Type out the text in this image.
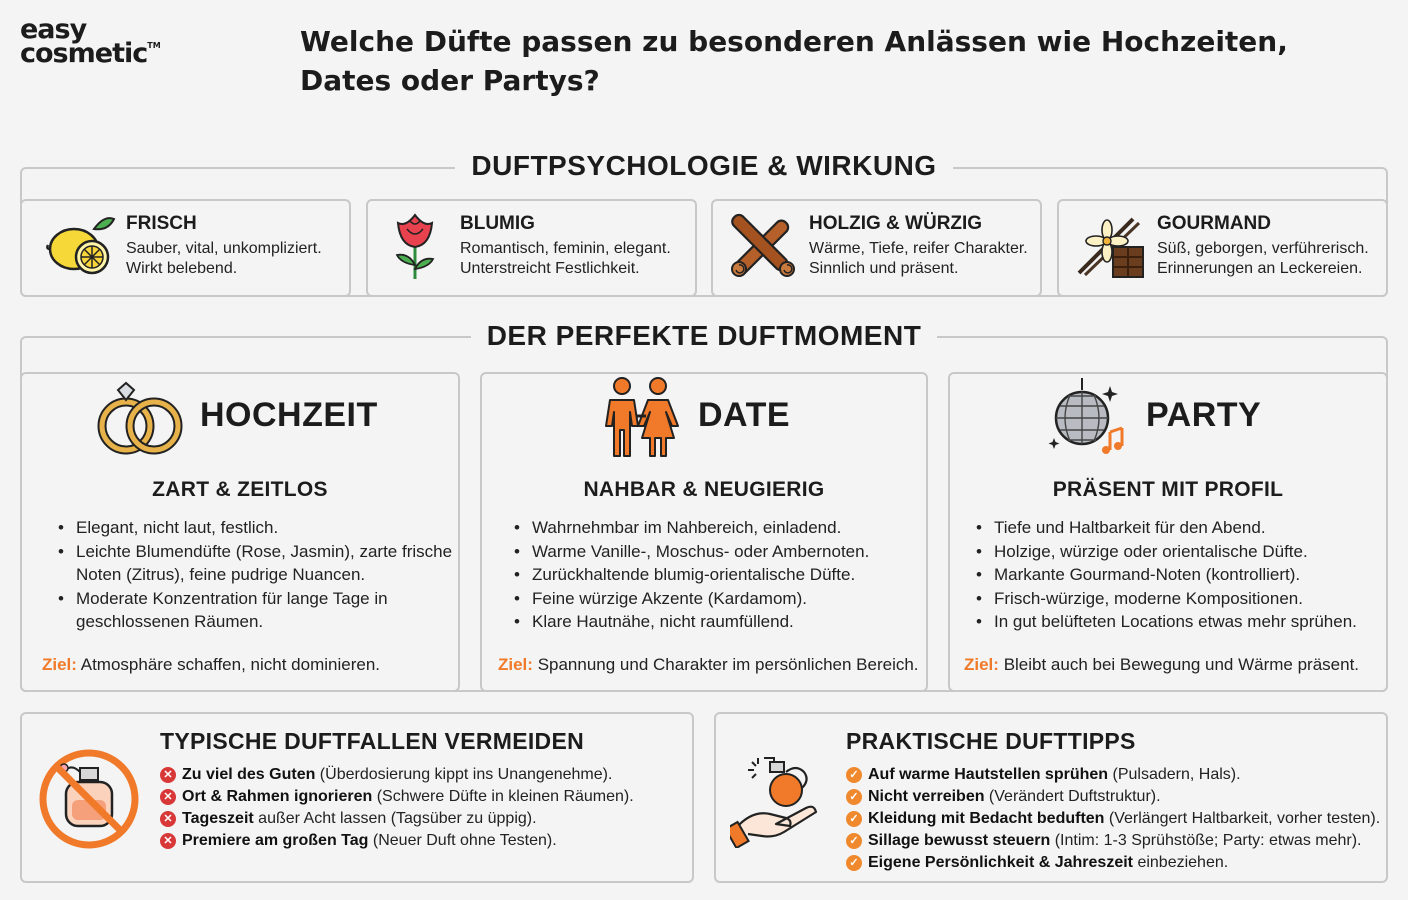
easy
cosmetic™	Welche Düfte passen zu besonderen Anlässen wie Hochzeiten,
Dates oder Partys?
DUFTPSYCHOLOGIE & WIRKUNG
FRISCH
Sauber, vital, unkompliziert.
Wirkt belebend.
BLUMIG
Romantisch, feminin, elegant.
Unterstreicht Festlichkeit.
HOLZIG & WÜRZIG
Wärme, Tiefe, reifer Charakter.
Sinnlich und präsent.
GOURMAND
Süß, geborgen, verführerisch.
Erinnerungen an Leckereien.
DER PERFEKTE DUFTMOMENT
HOCHZEIT
ZART & ZEITLOS
• Elegant, nicht laut, festlich.
• Leichte Blumendüfte (Rose, Jasmin), zarte frische Noten (Zitrus), feine pudrige Nuancen.
• Moderate Konzentration für lange Tage in geschlossenen Räumen.
Ziel: Atmosphäre schaffen, nicht dominieren.
DATE
NAHBAR & NEUGIERIG
• Wahrnehmbar im Nahbereich, einladend.
• Warme Vanille-, Moschus- oder Ambernoten.
• Zurückhaltende blumig-orientalische Düfte.
• Feine würzige Akzente (Kardamom).
• Klare Hautnähe, nicht raumfüllend.
Ziel: Spannung und Charakter im persönlichen Bereich.
PARTY
PRÄSENT MIT PROFIL
• Tiefe und Haltbarkeit für den Abend.
• Holzige, würzige oder orientalische Düfte.
• Markante Gourmand-Noten (kontrolliert).
• Frisch-würzige, moderne Kompositionen.
• In gut belüfteten Locations etwas mehr sprühen.
Ziel: Bleibt auch bei Bewegung und Wärme präsent.
TYPISCHE DUFTFALLEN VERMEIDEN
✕ Zu viel des Guten (Überdosierung kippt ins Unangenehme).
✕ Ort & Rahmen ignorieren (Schwere Düfte in kleinen Räumen).
✕ Tageszeit außer Acht lassen (Tagsüber zu üppig).
✕ Premiere am großen Tag (Neuer Duft ohne Testen).
PRAKTISCHE DUFTTIPPS
✓ Auf warme Hautstellen sprühen (Pulsadern, Hals).
✓ Nicht verreiben (Verändert Duftstruktur).
✓ Kleidung mit Bedacht beduften (Verlängert Haltbarkeit, vorher testen).
✓ Sillage bewusst steuern (Intim: 1-3 Sprühstöße; Party: etwas mehr).
✓ Eigene Persönlichkeit & Jahreszeit einbeziehen.
